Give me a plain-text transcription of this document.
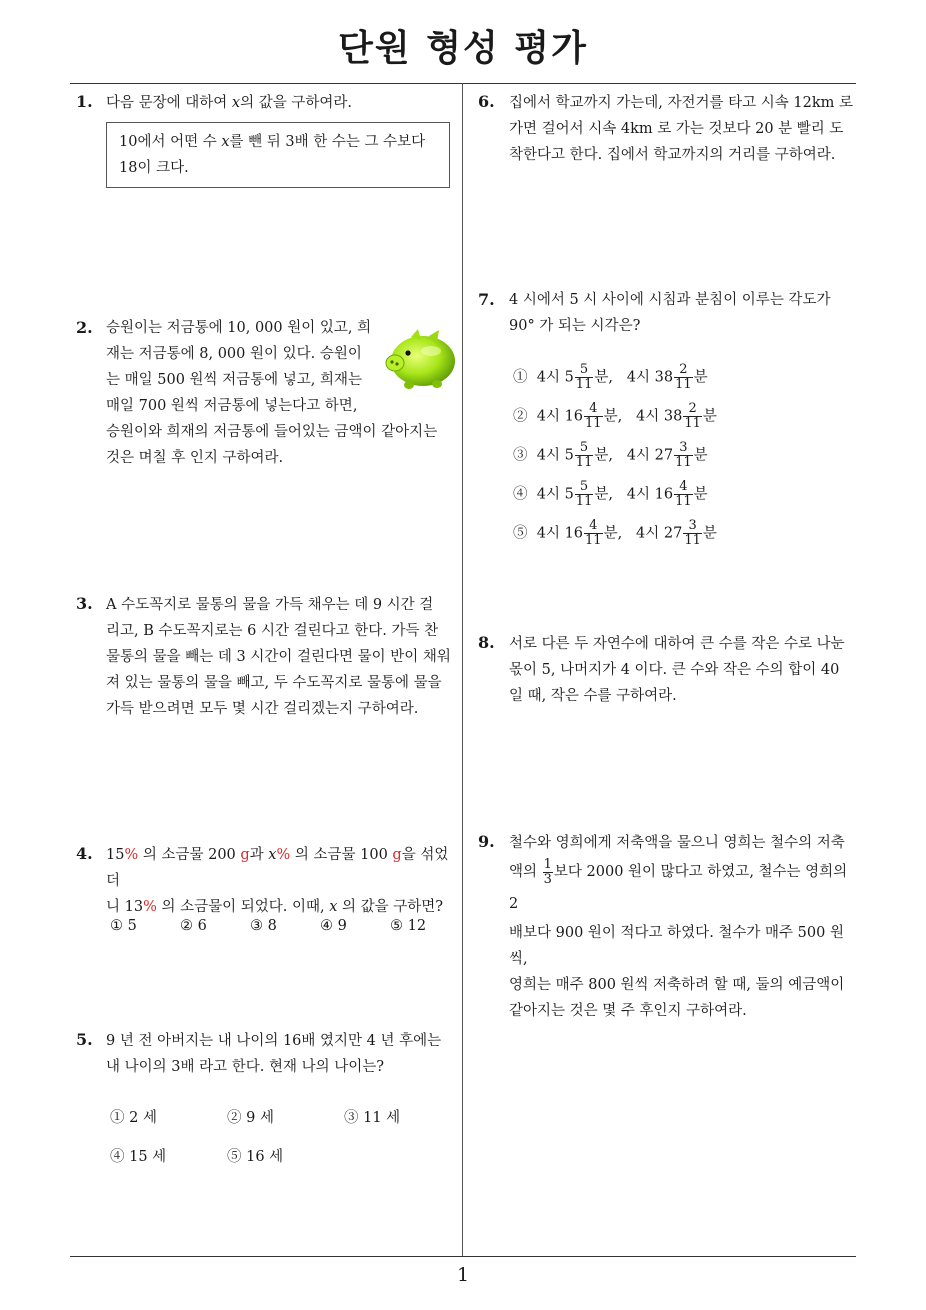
단원 형성 평가
1
1. 다음 문장에 대하여 x의 값을 구하여라.
10에서 어떤 수 x를 뺀 뒤 3배 한 수는 그 수보다
18이 크다.
2. 승원이는 저금통에 10, 000 원이 있고, 희
재는 저금통에 8, 000 원이 있다. 승원이
는 매일 500 원씩 저금통에 넣고, 희재는
매일 700 원씩 저금통에 넣는다고 하면,
승원이와 희재의 저금통에 들어있는 금액이 같아지는
것은 며칠 후 인지 구하여라.
3. A 수도꼭지로 물통의 물을 가득 채우는 데 9 시간 걸
리고, B 수도꼭지로는 6 시간 걸린다고 한다. 가득 찬
물통의 물을 빼는 데 3 시간이 걸린다면 물이 반이 채워
져 있는 물통의 물을 빼고, 두 수도꼭지로 물통에 물을
가득 받으려면 모두 몇 시간 걸리겠는지 구하여라.
4. 15% 의 소금물 200 g과 x% 의 소금물 100 g을 섞었더
니 13% 의 소금물이 되었다. 이때, x 의 값을 구하면?
① 5	② 6	③ 8	④ 9	⑤ 12
5. 9 년 전 아버지는 내 나이의 16배 였지만 4 년 후에는
내 나이의 3배 라고 한다. 현재 나의 나이는?
① 2 세	② 9 세	③ 11 세
④ 15 세	⑤ 16 세
6. 집에서 학교까지 가는데, 자전거를 타고 시속 12km 로
가면 걸어서 시속 4km 로 가는 것보다 20 분 빨리 도
착한다고 한다. 집에서 학교까지의 거리를 구하여라.
7. 4 시에서 5 시 사이에 시침과 분침이 이루는 각도가
90° 가 되는 시각은?
① 4시 $5 \frac{5}{11}$ 분, 4시 $38 \frac{2}{11}$ 분
② 4시 $16 \frac{4}{11}$ 분, 4시 $38 \frac{2}{11}$ 분
③ 4시 $5 \frac{5}{11}$ 분, 4시 $27 \frac{3}{11}$ 분
④ 4시 $5 \frac{5}{11}$ 분, 4시 $16 \frac{4}{11}$ 분
⑤ 4시 $16 \frac{4}{11}$ 분, 4시 $27 \frac{3}{11}$ 분
8. 서로 다른 두 자연수에 대하여 큰 수를 작은 수로 나눈
몫이 5, 나머지가 4 이다. 큰 수와 작은 수의 합이 40
일 때, 작은 수를 구하여라.
9. 철수와 영희에게 저축액을 물으니 영희는 철수의 저축
액의 $\frac{1}{3}$ 보다 2000 원이 많다고 하였고, 철수는 영희의 2
배보다 900 원이 적다고 하였다. 철수가 매주 500 원씩,
영희는 매주 800 원씩 저축하려 할 때, 둘의 예금액이
같아지는 것은 몇 주 후인지 구하여라.
